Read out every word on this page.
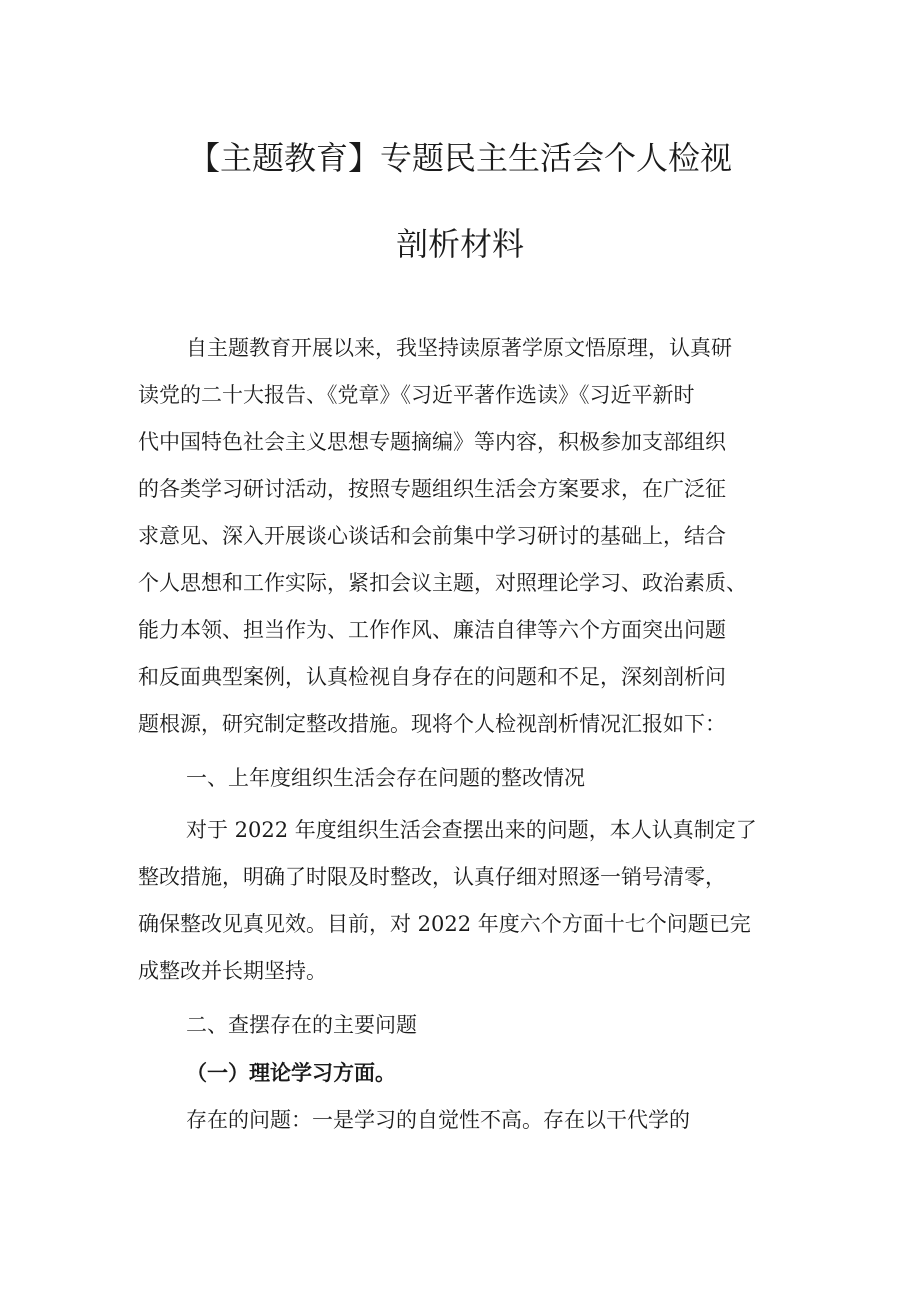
【主题教育】专题民主生活会个人检视
剖析材料
自主题教育开展以来，我坚持读原著学原文悟原理，认真研
读党的二十大报告、《党章》《习近平著作选读》《习近平新时
代中国特色社会主义思想专题摘编》等内容，积极参加支部组织
的各类学习研讨活动，按照专题组织生活会方案要求，在广泛征
求意见、深入开展谈心谈话和会前集中学习研讨的基础上，结合
个人思想和工作实际，紧扣会议主题，对照理论学习、政治素质、
能力本领、担当作为、工作作风、廉洁自律等六个方面突出问题
和反面典型案例，认真检视自身存在的问题和不足，深刻剖析问
题根源，研究制定整改措施。现将个人检视剖析情况汇报如下：
一、上年度组织生活会存在问题的整改情况
对于 2022 年度组织生活会查摆出来的问题，本人认真制定了
整改措施，明确了时限及时整改，认真仔细对照逐一销号清零，
确保整改见真见效。目前，对 2022 年度六个方面十七个问题已完
成整改并长期坚持。
二、查摆存在的主要问题
（一）理论学习方面。
存在的问题：一是学习的自觉性不高。存在以干代学的
